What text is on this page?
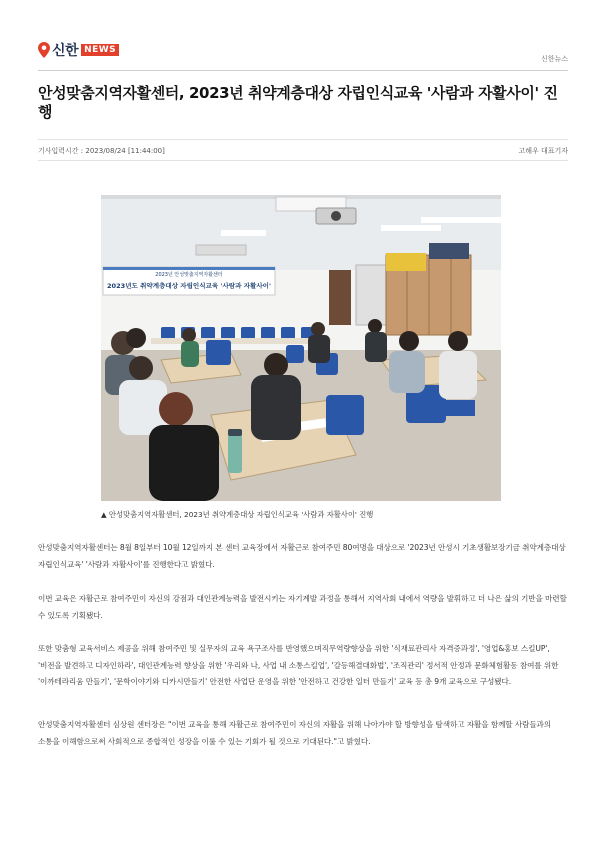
신한 NEWS
신한뉴스
안성맞춤지역자활센터, 2023년 취약계층대상 자립인식교육 '사람과 자활사이' 진행
기사입력시간 : 2023/08/24 [11:44:00]	고해우 대표기자
2023년 안성맞춤지역자활센터
2023년도 취약계층대상 자립인식교육 '사람과 자활사이'
▲ 안성맞춤지역자활센터, 2023년 취약계층대상 자립인식교육 '사람과 자활사이' 진행

안성맞춤지역자활센터는 8월 8일부터 10월 12일까지 본 센터 교육장에서 자활근로 참여주민 80여명을 대상으로 '2023년 안성시 기초생활보장기금 취약계층대상 자립인식교육' '사람과 자활사이'를 진행한다고 밝혔다.

이번 교육은 자활근로 참여주민이 자신의 강점과 대인관계능력을 발전시키는 자기계발 과정을 통해서 지역사회 내에서 역량을 발휘하고 더 나은 삶의 기반을 마련할 수 있도록 기획됐다.

또한 맞춤형 교육서비스 제공을 위해 참여주민 및 실무자의 교육 욕구조사를 반영했으며직무역량향상을 위한 '식재료관리사 자격증과정', '영업&홍보 스킬UP', '비전을 발견하고 디자인하라', 대인관계능력 향상을 위한 '우리와 나, 사업 내 소통스킬업', '갈등해결대화법', '조직관리' 정서적 안정과 문화체험활동 참여를 위한 '이까테라리움 만들기', '문학이야기와 디카시만들기' 안전한 사업단 운영을 위한 '안전하고 건강한 일터 만들기' 교육 등 총 9개 교육으로 구성됐다.

안성맞춤지역자활센터 심상원 센터장은 "이번 교육을 통해 자활근로 참여주민이 자신의 자활을 위해 나아가야 할 방향성을 탐색하고 자활을 함께할 사람들과의 소통을 이해함으로써 사회적으로 종합적인 성장을 이룰 수 있는 기회가 될 것으로 기대된다."고 밝혔다.
